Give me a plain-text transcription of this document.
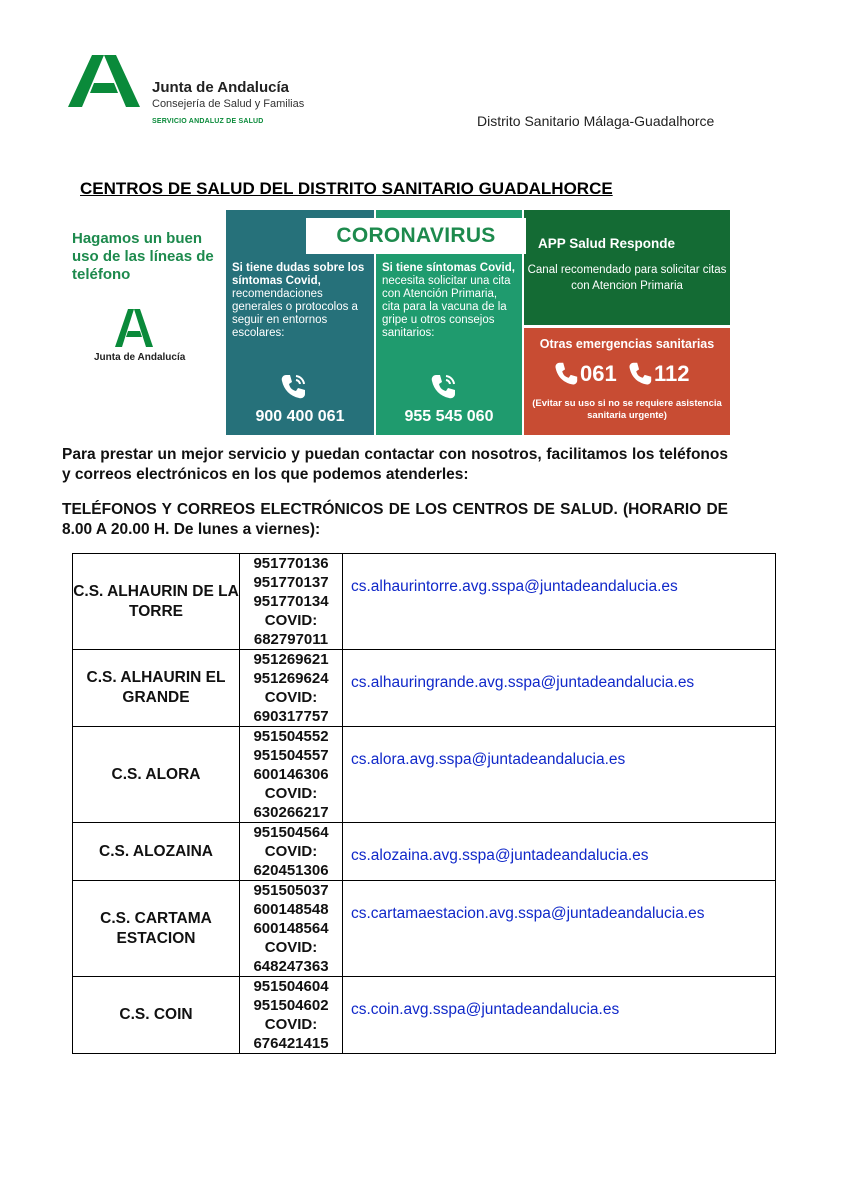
Junta de Andalucía
Consejería de Salud y Familias
SERVICIO ANDALUZ DE SALUD	Distrito Sanitario Málaga-Guadalhorce
CENTROS DE SALUD DEL DISTRITO SANITARIO GUADALHORCE
Hagamos un buen uso de las líneas de teléfono
Junta de Andalucía
CORONAVIRUS
Si tiene dudas sobre los síntomas Covid, recomendaciones generales o protocolos a seguir en entornos escolares:
900 400 061
Si tiene síntomas Covid, necesita solicitar una cita con Atención Primaria, cita para la vacuna de la gripe u otros consejos sanitarios:
955 545 060
APP Salud Responde
Canal recomendado para solicitar citas con Atencion Primaria
Otras emergencias sanitarias
061 112
(Evitar su uso si no se requiere asistencia sanitaria urgente)
Para prestar un mejor servicio y puedan contactar con nosotros, facilitamos los teléfonos y correos electrónicos en los que podemos atenderles:
TELÉFONOS Y CORREOS ELECTRÓNICOS DE LOS CENTROS DE SALUD. (HORARIO DE 8.00 A 20.00 H. De lunes a viernes):
C.S. ALHAURIN DE LA TORRE	951770136
951770137
951770134
COVID:
682797011	cs.alhaurintorre.avg.sspa@juntadeandalucia.es

C.S. ALHAURIN EL GRANDE	951269621
951269624
COVID:
690317757	cs.alhauringrande.avg.sspa@juntadeandalucia.es

C.S. ALORA	951504552
951504557
600146306
COVID:
630266217	cs.alora.avg.sspa@juntadeandalucia.es

C.S. ALOZAINA	951504564
COVID:
620451306	cs.alozaina.avg.sspa@juntadeandalucia.es

C.S. CARTAMA ESTACION	951505037
600148548
600148564
COVID:
648247363	cs.cartamaestacion.avg.sspa@juntadeandalucia.es

C.S. COIN	951504604
951504602
COVID:
676421415	cs.coin.avg.sspa@juntadeandalucia.es
